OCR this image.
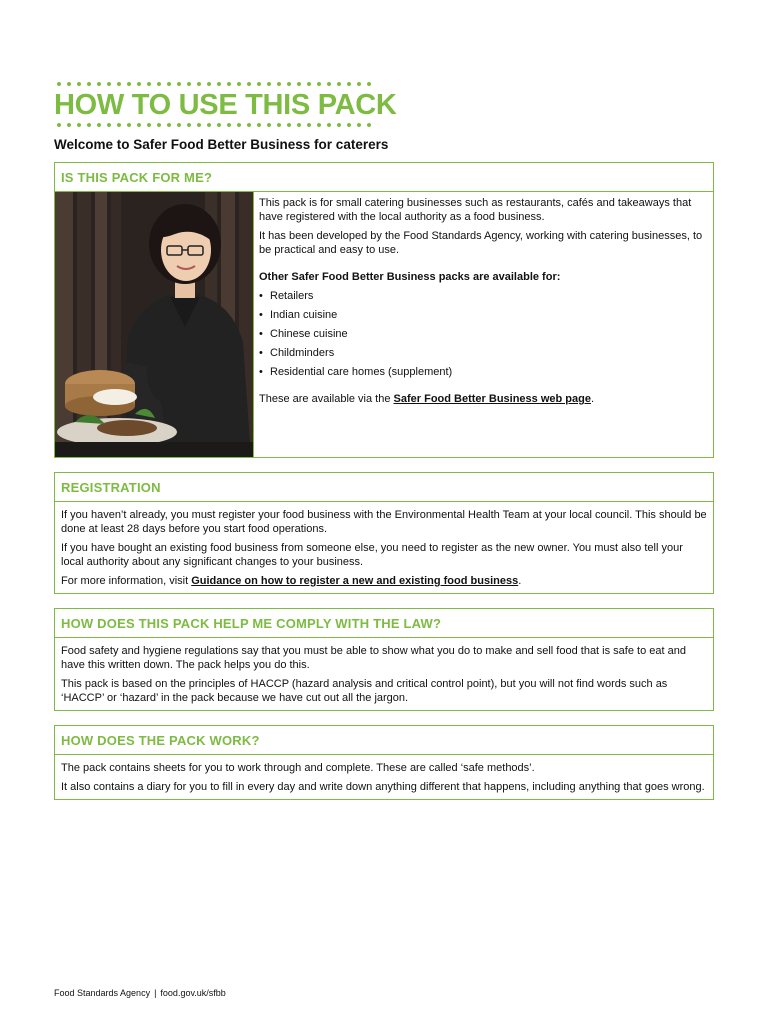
HOW TO USE THIS PACK
Welcome to Safer Food Better Business for caterers
IS THIS PACK FOR ME?

This pack is for small catering businesses such as restaurants, cafés and takeaways that have registered with the local authority as a food business.

It has been developed by the Food Standards Agency, working with catering businesses, to be practical and easy to use.

Other Safer Food Better Business packs are available for:

• Retailers
• Indian cuisine
• Chinese cuisine
• Childminders
• Residential care homes (supplement)

These are available via the Safer Food Better Business web page.

REGISTRATION

If you haven’t already, you must register your food business with the Environmental Health Team at your local council. This should be done at least 28 days before you start food operations.

If you have bought an existing food business from someone else, you need to register as the new owner. You must also tell your local authority about any significant changes to your business.

For more information, visit Guidance on how to register a new and existing food business.

HOW DOES THIS PACK HELP ME COMPLY WITH THE LAW?

Food safety and hygiene regulations say that you must be able to show what you do to make and sell food that is safe to eat and have this written down. The pack helps you do this.

This pack is based on the principles of HACCP (hazard analysis and critical control point), but you will not find words such as ‘HACCP’ or ‘hazard’ in the pack because we have cut out all the jargon.

HOW DOES THE PACK WORK?

The pack contains sheets for you to work through and complete. These are called ‘safe methods’.

It also contains a diary for you to fill in every day and write down anything different that happens, including anything that goes wrong.

Food Standards Agency | food.gov.uk/sfbb
